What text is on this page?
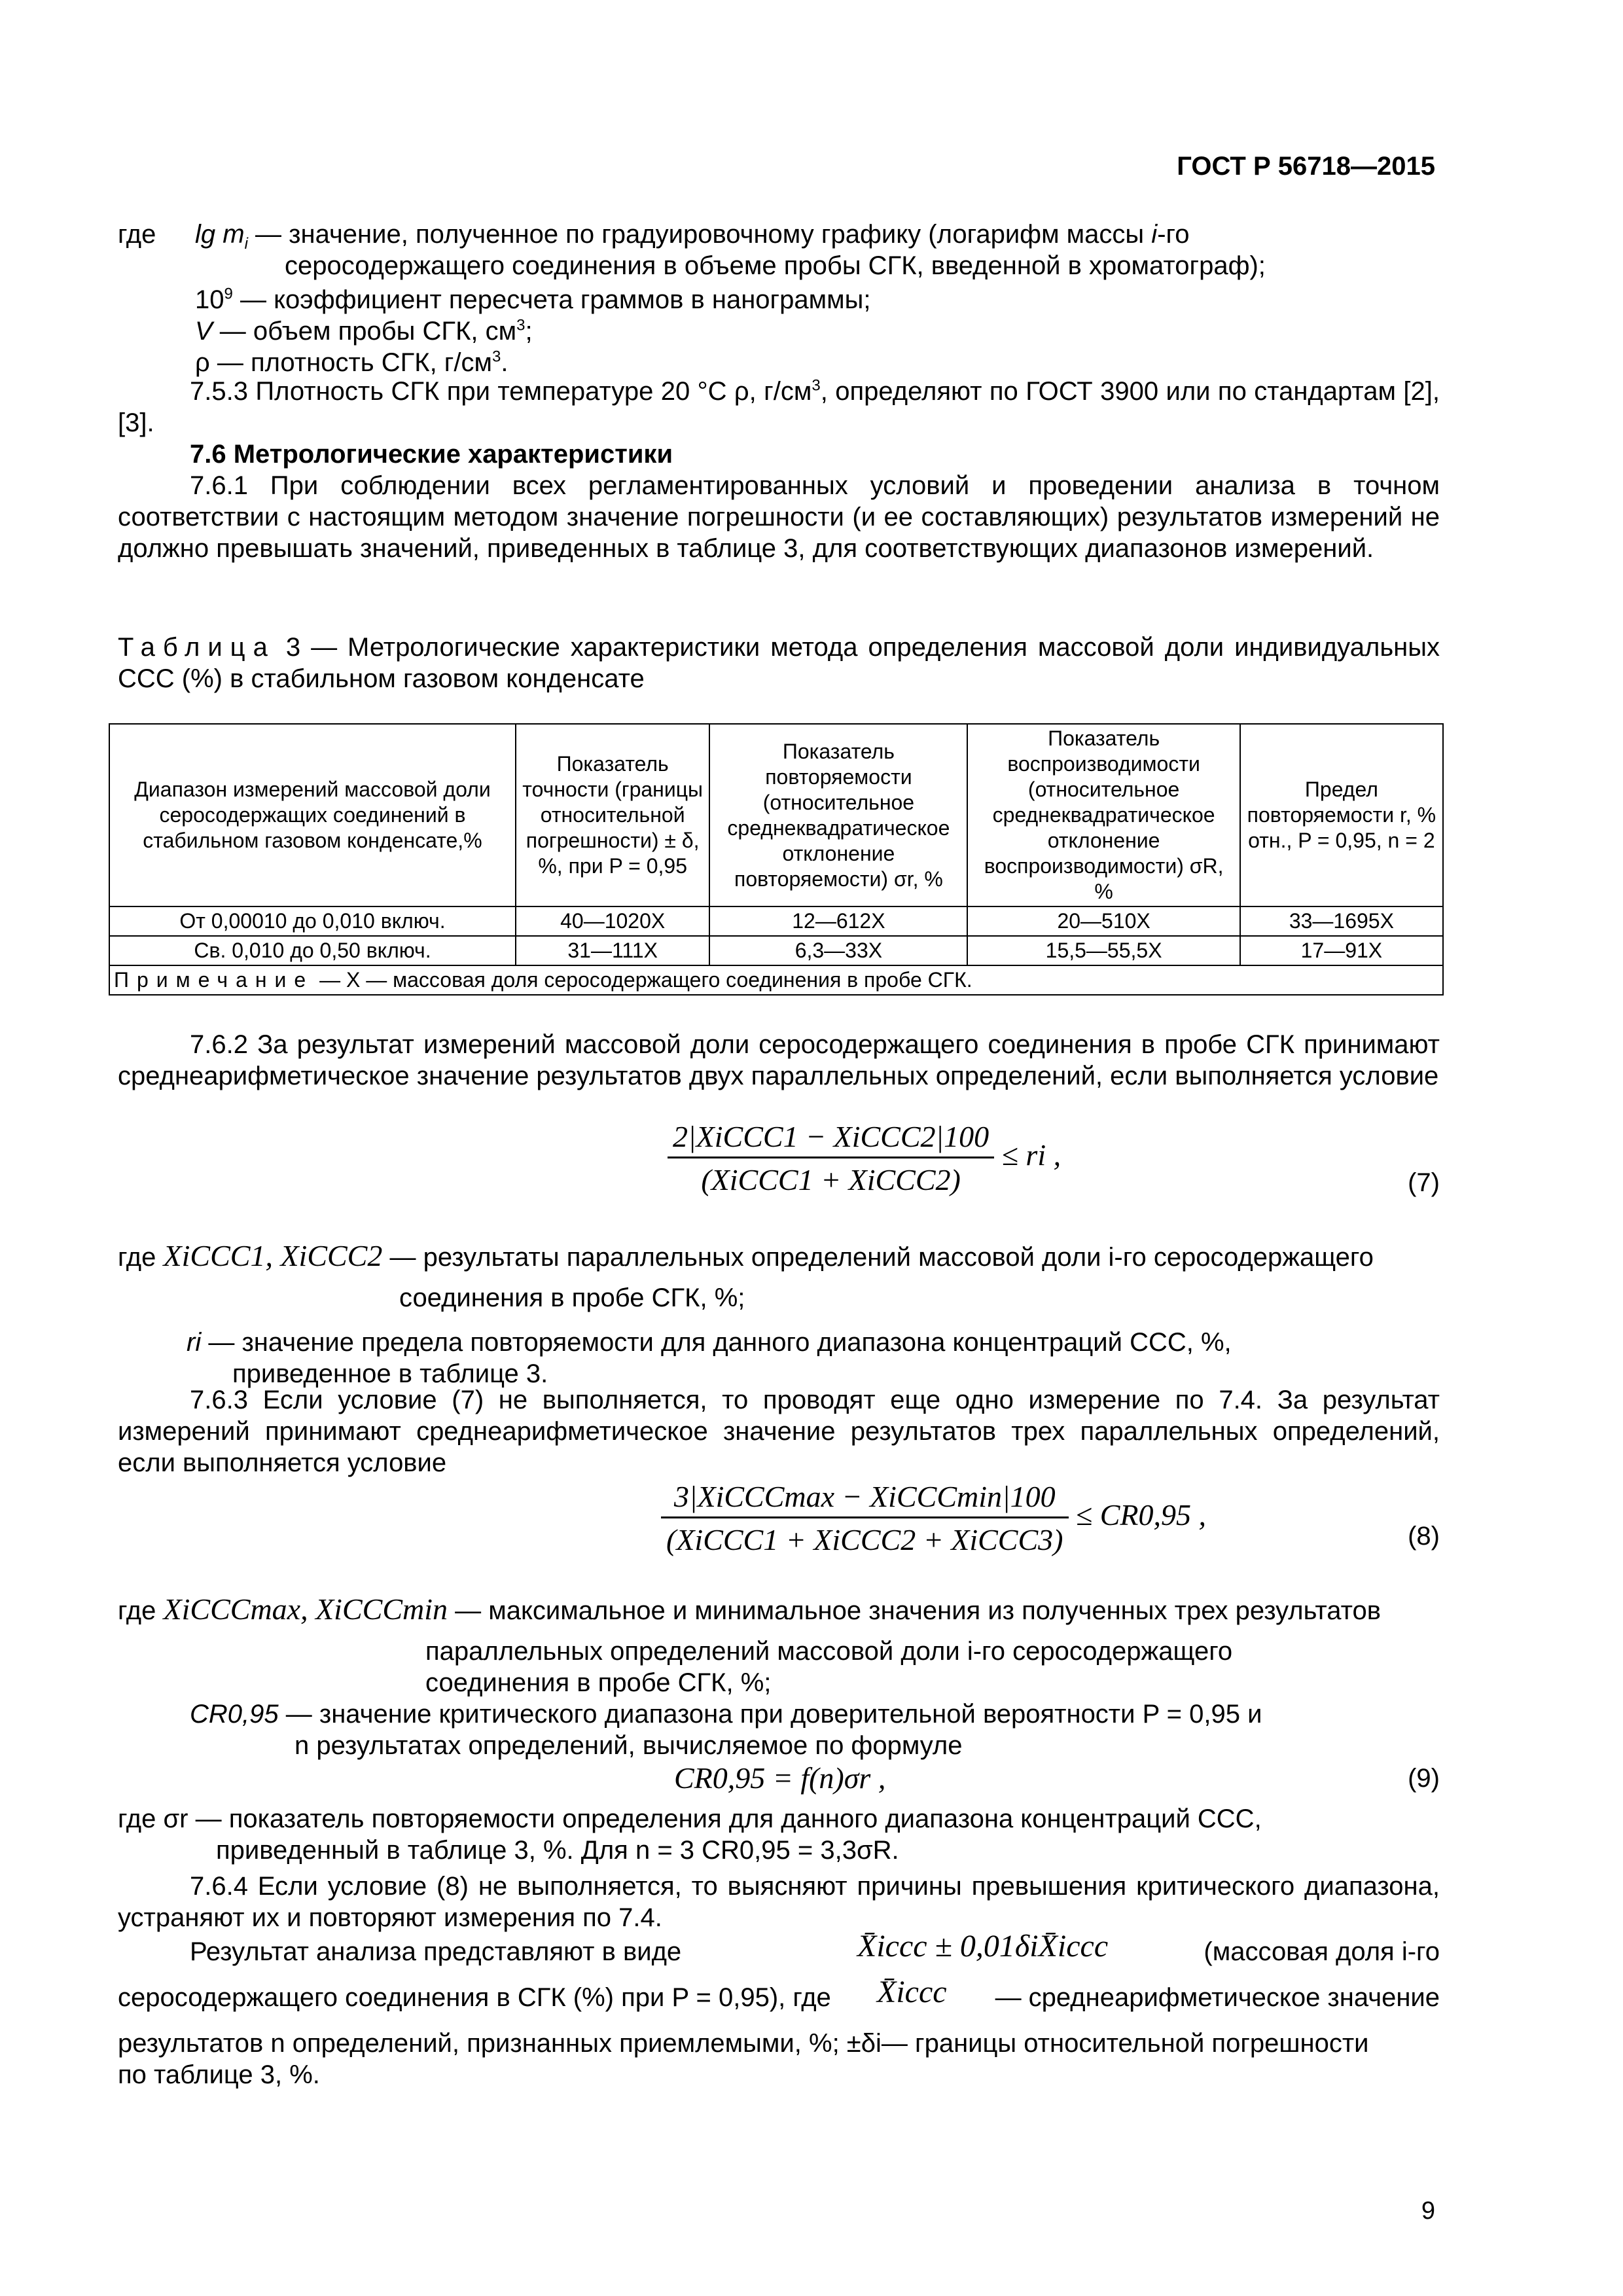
ГОСТ Р 56718—2015
где $\lg m_i$ — значение, полученное по градуировочному графику (логарифм массы i-го
серосодержащего соединения в объеме пробы СГК, введенной в хроматограф);
$10^9$ — коэффициент пересчета граммов в нанограммы;
V — объем пробы СГК, $см^3$;
ρ — плотность СГК, $г/см^3$.

7.5.3 Плотность СГК при температуре 20 °C ρ, $г/см^3$, определяют по ГОСТ 3900 или по стандартам [2], [3].

7.6 Метрологические характеристики

7.6.1 При соблюдении всех регламентированных условий и проведении анализа в точном соответствии с настоящим методом значение погрешности (и ее составляющих) результатов измерений не должно превышать значений, приведенных в таблице 3, для соответствующих диапазонов измерений.

Таблица 3 — Метрологические характеристики метода определения массовой доли индивидуальных ССС (%) в стабильном газовом конденсате

Диапазон измерений массовой доли серосодержащих соединений в стабильном газовом конденсате,%	Показатель точности (границы относительной погрешности) ± δ, %, при P = 0,95	Показатель повторяемости (относительное среднеквадратическое отклонение повторяемости) σr, %	Показатель воспроизводимости (относительное среднеквадратическое отклонение воспроизводимости) σR, %	Предел повторяемости r, % отн., P = 0,95, n = 2
От 0,00010 до 0,010 включ.	40—1020X	12—612X	20—510X	33—1695X
Св. 0,010 до 0,50 включ.	31—111X	6,3—33X	15,5—55,5X	17—91X
Примечание — X — массовая доля серосодержащего соединения в пробе СГК.				

7.6.2 За результат измерений массовой доли серосодержащего соединения в пробе СГК принимают среднеарифметическое значение результатов двух параллельных определений, если выполняется условие

$\frac{\text{2|XiССС1 − XiССС2|100}}{\text{(XiССС1 + XiССС2)}}$ ≤ ri ,
(7)
где XiССС1, XiССС2 — результаты параллельных определений массовой доли i-го серосодержащего
соединения в пробе СГК, %;
ri — значение предела повторяемости для данного диапазона концентраций ССС, %,
приведенное в таблице 3.

7.6.3 Если условие (7) не выполняется, то проводят еще одно измерение по 7.4. За результат измерений принимают среднеарифметическое значение результатов трех параллельных определений, если выполняется условие

$\frac{\text{3|XiСССmax − XiСССmin|100}}{\text{(XiССС1 + XiССС2 + XiССС3)}} \le CR0,95$ ,
(8)
где XiСССmax, XiСССmin — максимальное и минимальное значения из полученных трех результатов
параллельных определений массовой доли i-го серосодержащего
соединения в пробе СГК, %;
CR0,95 — значение критического диапазона при доверительной вероятности P = 0,95 и
n результатах определений, вычисляемое по формуле
CR0,95 = f(n)σr ,	(9)
где σr — показатель повторяемости определения для данного диапазона концентраций ССС,
приведенный в таблице 3, %. Для n = 3 CR0,95 = 3,3σR.

7.6.4 Если условие (8) не выполняется, то выясняют причины превышения критического диапазона, устраняют их и повторяют измерения по 7.4.

Результат анализа представляют в виде	X̄iссс ± 0,01δiX̄iссс	(массовая доля i-го
серосодержащего соединения в СГК (%) при P = 0,95), где X̄iссс — среднеарифметическое значение
результатов n определений, признанных приемлемыми, %; ±δi— границы относительной погрешности
по таблице 3, %.
9
